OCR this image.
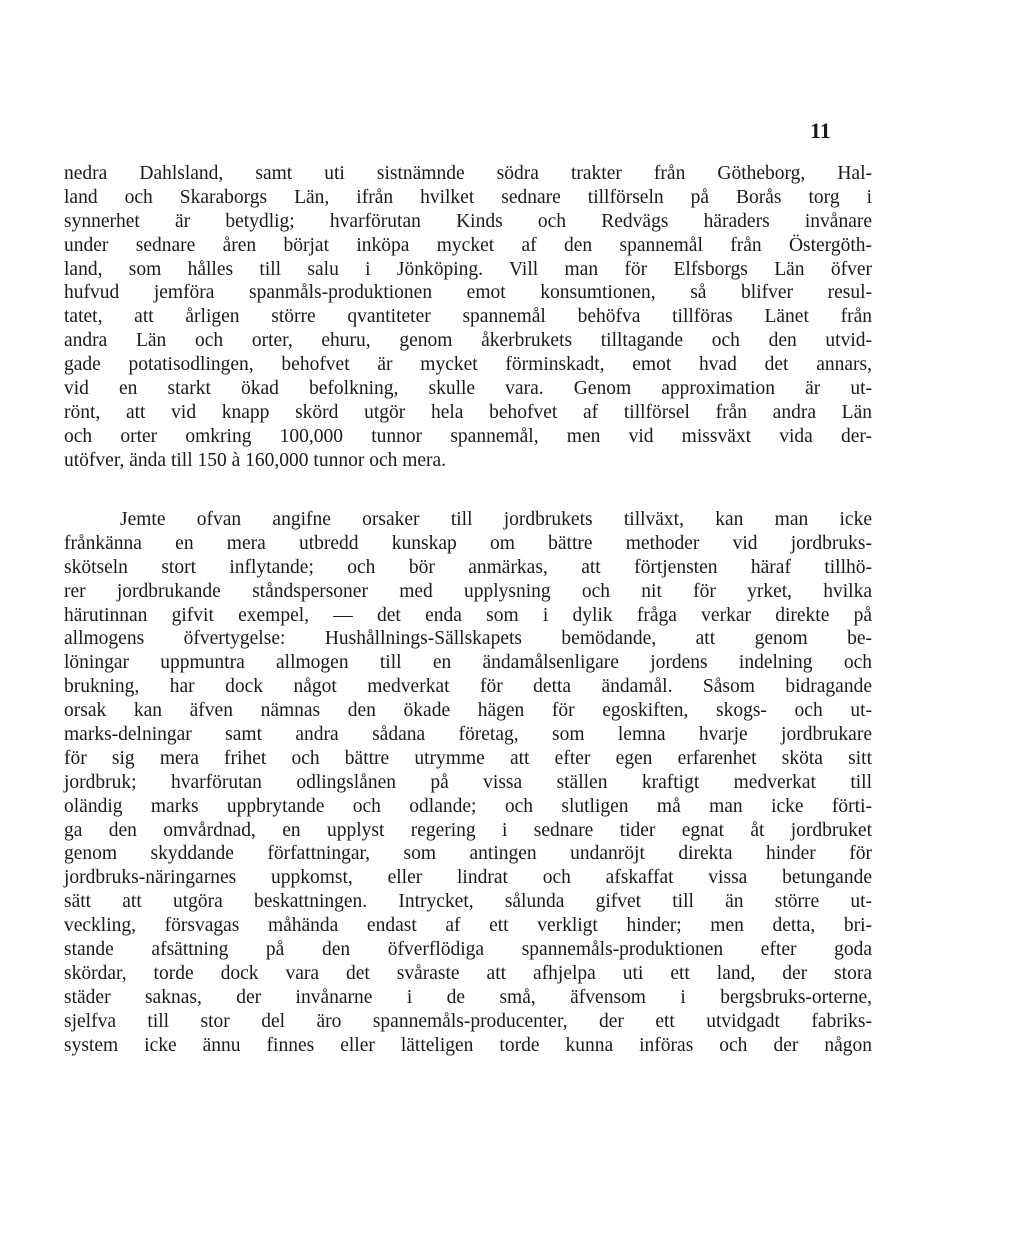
11
nedra Dahlsland, samt uti sistnämnde södra trakter från Götheborg, Hal-
land och Skaraborgs Län, ifrån hvilket sednare tillförseln på Borås torg i
synnerhet är betydlig; hvarförutan Kinds och Redvägs häraders invånare
under sednare åren börjat inköpa mycket af den spannemål från Östergöth-
land, som hålles till salu i Jönköping. Vill man för Elfsborgs Län öfver
hufvud jemföra spanmåls-produktionen emot konsumtionen, så blifver resul-
tatet, att årligen större qvantiteter spannemål behöfva tillföras Länet från
andra Län och orter, ehuru, genom åkerbrukets tilltagande och den utvid-
gade potatisodlingen, behofvet är mycket förminskadt, emot hvad det annars,
vid en starkt ökad befolkning, skulle vara. Genom approximation är ut-
rönt, att vid knapp skörd utgör hela behofvet af tillförsel från andra Län
och orter omkring 100,000 tunnor spannemål, men vid missväxt vida der-
utöfver, ända till 150 à 160,000 tunnor och mera.
Jemte ofvan angifne orsaker till jordbrukets tillväxt, kan man icke
frånkänna en mera utbredd kunskap om bättre methoder vid jordbruks-
skötseln stort inflytande; och bör anmärkas, att förtjensten häraf tillhö-
rer jordbrukande ståndspersoner med upplysning och nit för yrket, hvilka
härutinnan gifvit exempel, — det enda som i dylik fråga verkar direkte på
allmogens öfvertygelse: Hushållnings-Sällskapets bemödande, att genom be-
löningar uppmuntra allmogen till en ändamålsenligare jordens indelning och
brukning, har dock något medverkat för detta ändamål. Såsom bidragande
orsak kan äfven nämnas den ökade hägen för egoskiften, skogs- och ut-
marks-delningar samt andra sådana företag, som lemna hvarje jordbrukare
för sig mera frihet och bättre utrymme att efter egen erfarenhet sköta sitt
jordbruk; hvarförutan odlingslånen på vissa ställen kraftigt medverkat till
oländig marks uppbrytande och odlande; och slutligen må man icke förti-
ga den omvårdnad, en upplyst regering i sednare tider egnat åt jordbruket
genom skyddande författningar, som antingen undanröjt direkta hinder för
jordbruks-näringarnes uppkomst, eller lindrat och afskaffat vissa betungande
sätt att utgöra beskattningen. Intrycket, sålunda gifvet till än större ut-
veckling, försvagas måhända endast af ett verkligt hinder; men detta, bri-
stande afsättning på den öfverflödiga spannemåls-produktionen efter goda
skördar, torde dock vara det svåraste att afhjelpa uti ett land, der stora
städer saknas, der invånarne i de små, äfvensom i bergsbruks-orterne,
sjelfva till stor del äro spannemåls-producenter, der ett utvidgadt fabriks-
system icke ännu finnes eller lätteligen torde kunna införas och der någon
